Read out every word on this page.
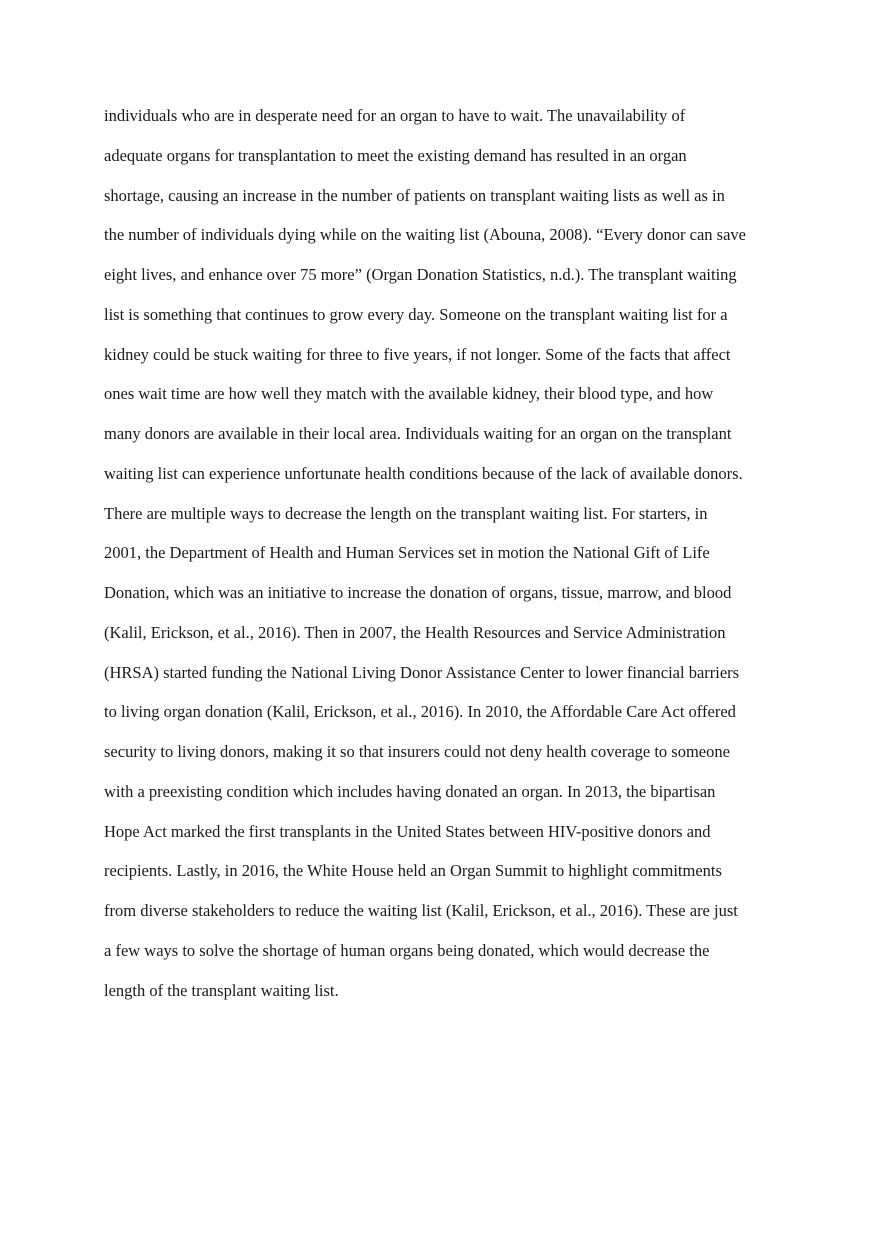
individuals who are in desperate need for an organ to have to wait. The unavailability of
adequate organs for transplantation to meet the existing demand has resulted in an organ
shortage, causing an increase in the number of patients on transplant waiting lists as well as in
the number of individuals dying while on the waiting list (Abouna, 2008). “Every donor can save
eight lives, and enhance over 75 more” (Organ Donation Statistics, n.d.). The transplant waiting
list is something that continues to grow every day. Someone on the transplant waiting list for a
kidney could be stuck waiting for three to five years, if not longer. Some of the facts that affect
ones wait time are how well they match with the available kidney, their blood type, and how
many donors are available in their local area. Individuals waiting for an organ on the transplant
waiting list can experience unfortunate health conditions because of the lack of available donors.
There are multiple ways to decrease the length on the transplant waiting list. For starters, in
2001, the Department of Health and Human Services set in motion the National Gift of Life
Donation, which was an initiative to increase the donation of organs, tissue, marrow, and blood
(Kalil, Erickson, et al., 2016). Then in 2007, the Health Resources and Service Administration
(HRSA) started funding the National Living Donor Assistance Center to lower financial barriers
to living organ donation (Kalil, Erickson, et al., 2016). In 2010, the Affordable Care Act offered
security to living donors, making it so that insurers could not deny health coverage to someone
with a preexisting condition which includes having donated an organ. In 2013, the bipartisan
Hope Act marked the first transplants in the United States between HIV-positive donors and
recipients. Lastly, in 2016, the White House held an Organ Summit to highlight commitments
from diverse stakeholders to reduce the waiting list (Kalil, Erickson, et al., 2016). These are just
a few ways to solve the shortage of human organs being donated, which would decrease the
length of the transplant waiting list.
